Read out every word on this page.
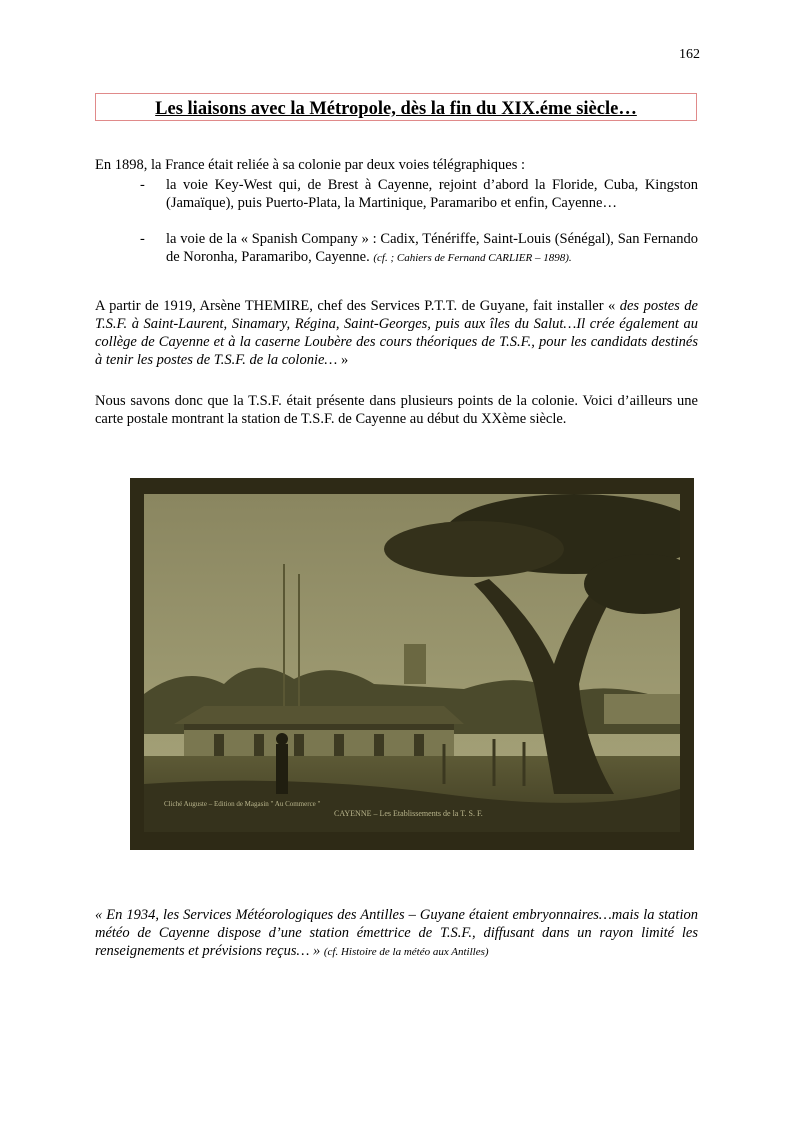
162
Les liaisons avec la Métropole, dès la fin du XIX.éme siècle…
En 1898, la France était reliée à sa colonie par deux voies télégraphiques :
- la voie Key-West qui, de Brest à Cayenne, rejoint d’abord la Floride, Cuba, Kingston (Jamaïque), puis Puerto-Plata, la Martinique, Paramaribo et enfin, Cayenne…
- la voie de la « Spanish Company » : Cadix, Ténériffe, Saint-Louis (Sénégal), San Fernando de Noronha, Paramaribo, Cayenne. (cf. ; Cahiers de Fernand CARLIER – 1898).
A partir de 1919, Arsène THEMIRE, chef des Services P.T.T. de Guyane, fait installer « des postes de T.S.F. à Saint-Laurent, Sinamary, Régina, Saint-Georges, puis aux îles du Salut…Il crée également au collège de Cayenne et à la caserne Loubère des cours théoriques de T.S.F., pour les candidats destinés à tenir les postes de T.S.F. de la colonie… »
Nous savons donc que la T.S.F. était présente dans plusieurs points de la colonie. Voici d’ailleurs une carte postale montrant la station de T.S.F. de Cayenne au début du XXème siècle.
Cliché Auguste – Edition de Magasin " Au Commerce "
CAYENNE – Les Etablissements de la T. S. F.
« En 1934, les Services Météorologiques des Antilles – Guyane étaient embryonnaires…mais la station météo de Cayenne dispose d’une station émettrice de T.S.F., diffusant dans un rayon limité les renseignements et prévisions reçus… » (cf. Histoire de la météo aux Antilles)
